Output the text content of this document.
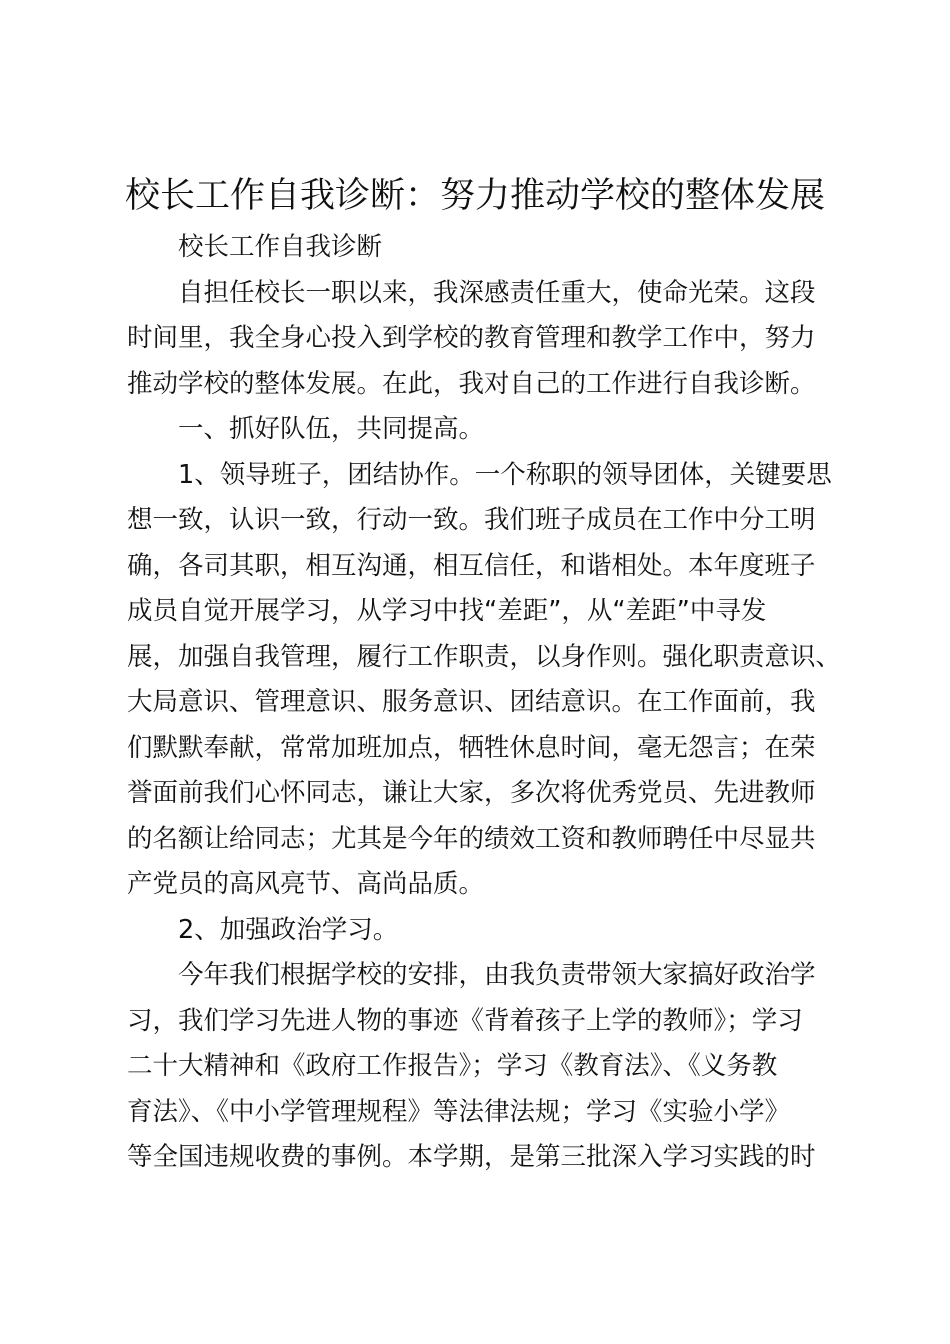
校长工作自我诊断：努力推动学校的整体发展
校长工作自我诊断
自担任校长一职以来，我深感责任重大，使命光荣。这段
时间里，我全身心投入到学校的教育管理和教学工作中，努力
推动学校的整体发展。在此，我对自己的工作进行自我诊断。
一、抓好队伍，共同提高。
1、领导班子，团结协作。一个称职的领导团体，关键要思
想一致，认识一致，行动一致。我们班子成员在工作中分工明
确，各司其职，相互沟通，相互信任，和谐相处。本年度班子
成员自觉开展学习，从学习中找“差距”，从“差距”中寻发
展，加强自我管理，履行工作职责，以身作则。强化职责意识、
大局意识、管理意识、服务意识、团结意识。在工作面前，我
们默默奉献，常常加班加点，牺牲休息时间，毫无怨言；在荣
誉面前我们心怀同志，谦让大家，多次将优秀党员、先进教师
的名额让给同志；尤其是今年的绩效工资和教师聘任中尽显共
产党员的高风亮节、高尚品质。
2、加强政治学习。
今年我们根据学校的安排，由我负责带领大家搞好政治学
习，我们学习先进人物的事迹《背着孩子上学的教师》；学习
二十大精神和《政府工作报告》；学习《教育法》、《义务教
育法》、《中小学管理规程》等法律法规；学习《实验小学》
等全国违规收费的事例。本学期，是第三批深入学习实践的时
